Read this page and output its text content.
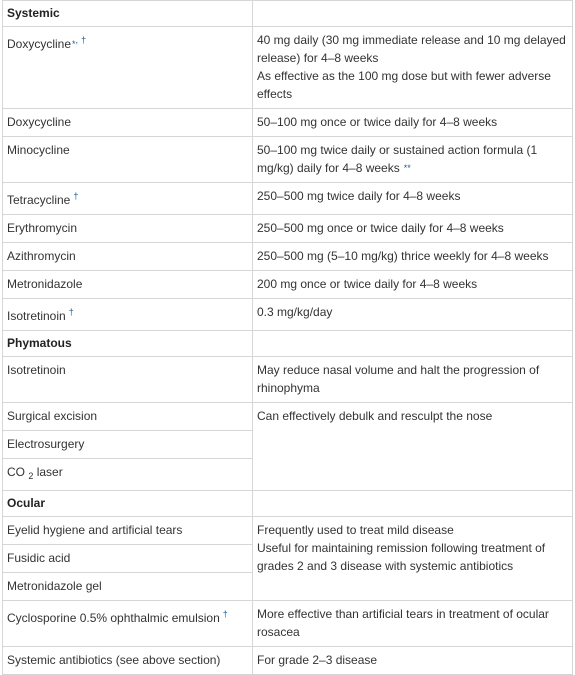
Systemic	
Doxycycline*, †	40 mg daily (30 mg immediate release and 10 mg delayed release) for 4–8 weeks
As effective as the 100 mg dose but with fewer adverse effects

Doxycycline	50–100 mg once or twice daily for 4–8 weeks
Minocycline	50–100 mg twice daily or sustained action formula (1 mg/kg) daily for 4–8 weeks **
Tetracycline †	250–500 mg twice daily for 4–8 weeks
Erythromycin	250–500 mg once or twice daily for 4–8 weeks
Azithromycin	250–500 mg (5–10 mg/kg) thrice weekly for 4–8 weeks
Metronidazole	200 mg once or twice daily for 4–8 weeks
Isotretinoin †	0.3 mg/kg/day
Phymatous	
Isotretinoin	May reduce nasal volume and halt the progression of rhinophyma
Surgical excision	Can effectively debulk and resculpt the nose
Electrosurgery	
CO $_2$ laser	
Ocular	
Eyelid hygiene and artificial tears	Frequently used to treat mild disease
Useful for maintaining remission following treatment of grades 2 and 3 disease with systemic antibiotics

Fusidic acid	
Metronidazole gel	
Cyclosporine 0.5% ophthalmic emulsion †	More effective than artificial tears in treatment of ocular rosacea
Systemic antibiotics (see above section)	For grade 2–3 disease
